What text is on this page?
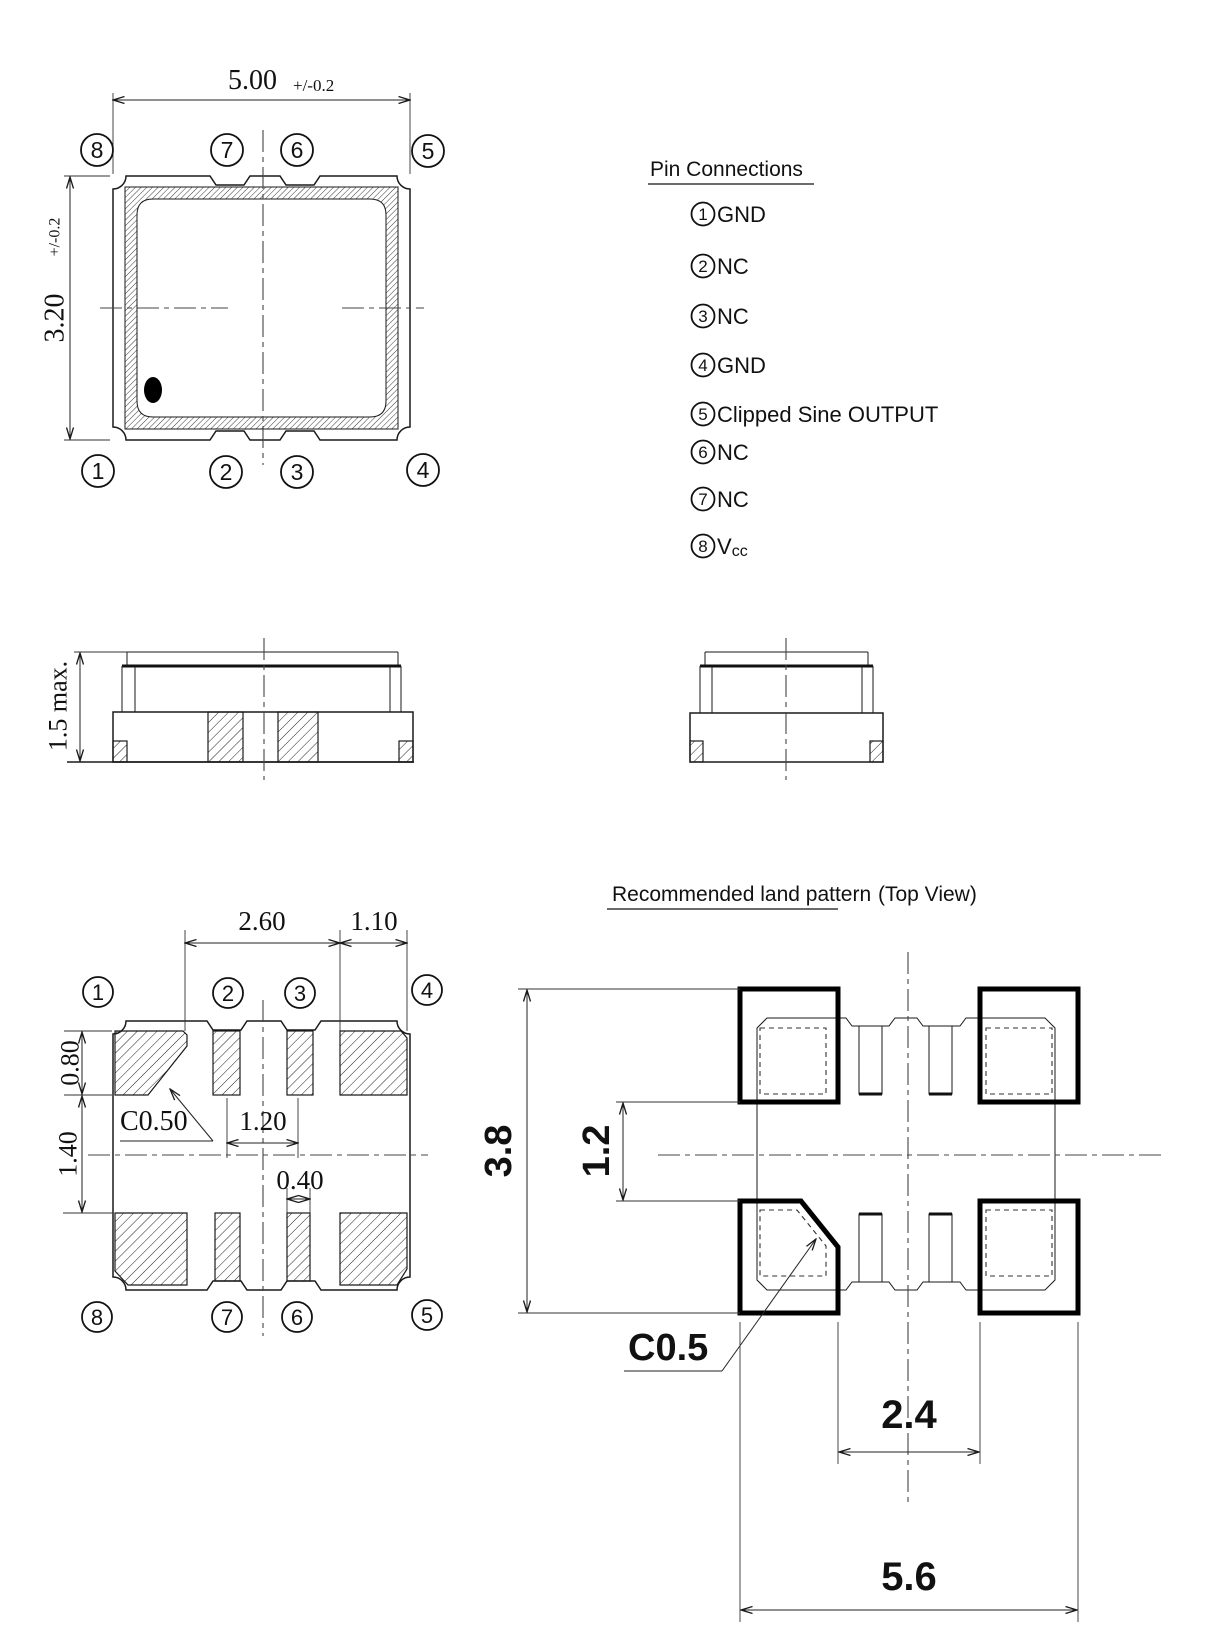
5.00 +/-0.2
3.20
+/-0.2
8	7 6	5
1	2	3	4
Pin Connections
1 GND
2 NC
3 NC
4 GND
5 Clipped Sine OUTPUT
6 NC
7 NC
8 Vcc
1.5 max.
2.60 1.10
0.80
1.40
C0.50 1.20
0.40
1	2	3	4
8	7	6	5
Recommended land pattern (Top View)
3.8 1.2
C0.5
2.4
5.6
